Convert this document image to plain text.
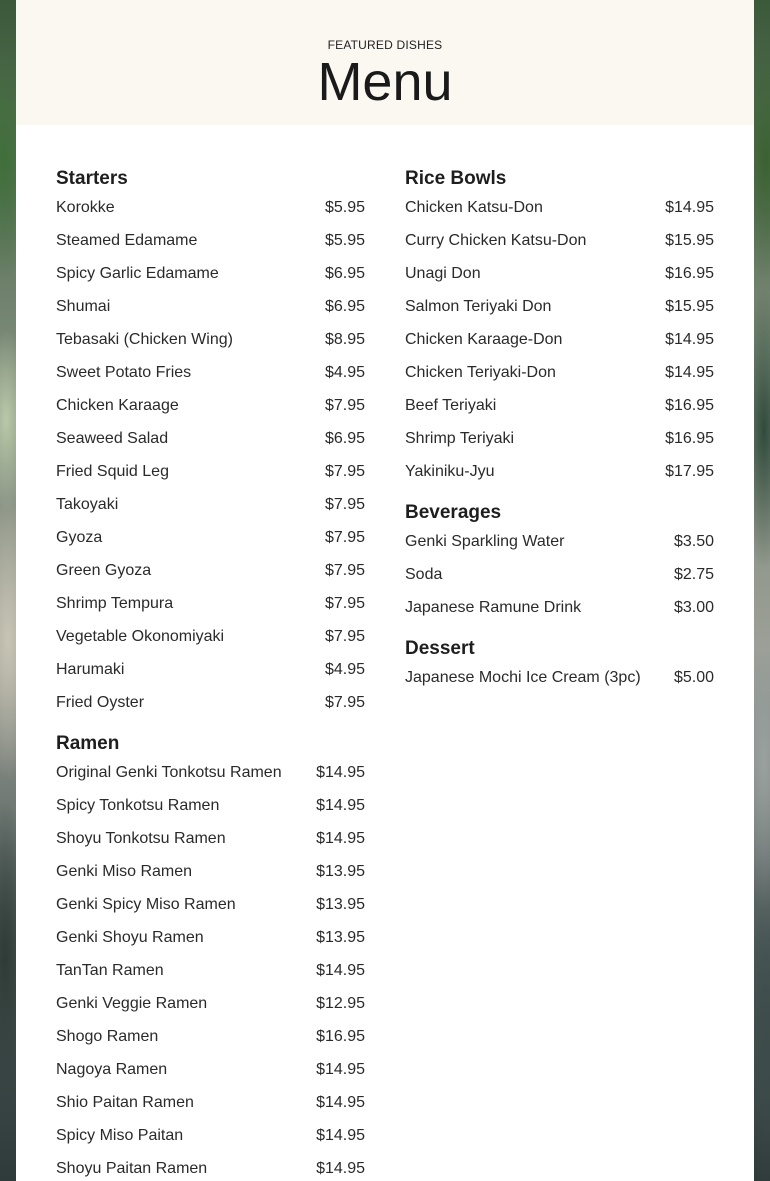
FEATURED DISHES
Menu
Starters
Korokke	$5.95
Steamed Edamame	$5.95
Spicy Garlic Edamame	$6.95
Shumai	$6.95
Tebasaki (Chicken Wing)	$8.95
Sweet Potato Fries	$4.95
Chicken Karaage	$7.95
Seaweed Salad	$6.95
Fried Squid Leg	$7.95
Takoyaki	$7.95
Gyoza	$7.95
Green Gyoza	$7.95
Shrimp Tempura	$7.95
Vegetable Okonomiyaki	$7.95
Harumaki	$4.95
Fried Oyster	$7.95
Ramen
Original Genki Tonkotsu Ramen $14.95
Spicy Tonkotsu Ramen	$14.95
Shoyu Tonkotsu Ramen	$14.95
Genki Miso Ramen	$13.95
Genki Spicy Miso Ramen	$13.95
Genki Shoyu Ramen	$13.95
TanTan Ramen	$14.95
Genki Veggie Ramen	$12.95
Shogo Ramen	$16.95
Nagoya Ramen	$14.95
Shio Paitan Ramen	$14.95
Spicy Miso Paitan	$14.95
Shoyu Paitan Ramen	$14.95
Rice Bowls
Chicken Katsu-Don	$14.95
Curry Chicken Katsu-Don	$15.95
Unagi Don	$16.95
Salmon Teriyaki Don	$15.95
Chicken Karaage-Don	$14.95
Chicken Teriyaki-Don	$14.95
Beef Teriyaki	$16.95
Shrimp Teriyaki	$16.95
Yakiniku-Jyu	$17.95
Beverages
Genki Sparkling Water	$3.50
Soda	$2.75
Japanese Ramune Drink	$3.00
Dessert
Japanese Mochi Ice Cream (3pc) $5.00
